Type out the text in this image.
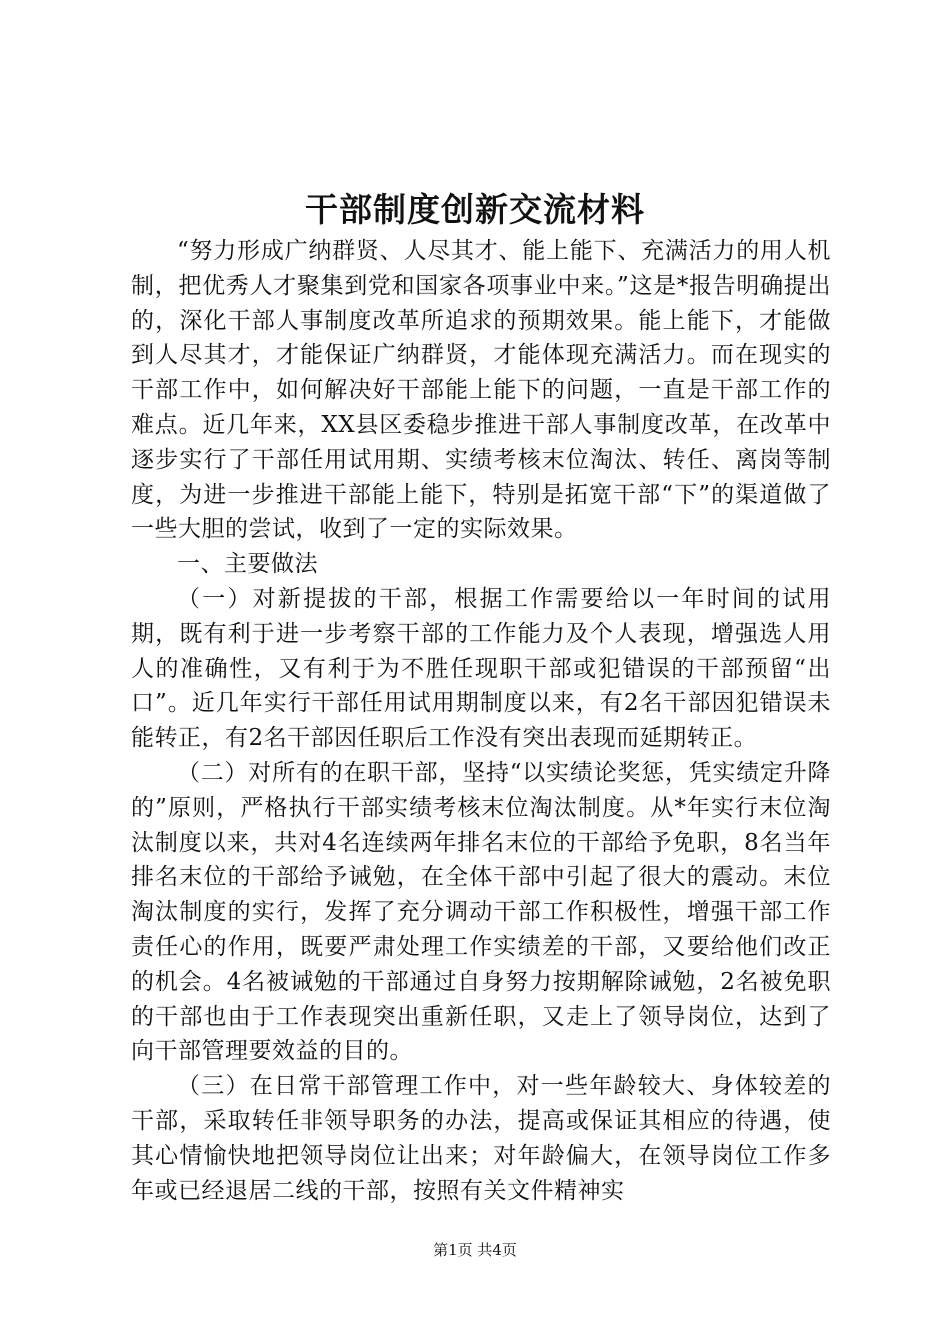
干部制度创新交流材料

“努力形成广纳群贤、人尽其才、能上能下、充满活力的用人机制，把优秀人才聚集到党和国家各项事业中来。”这是*报告明确提出的，深化干部人事制度改革所追求的预期效果。能上能下，才能做到人尽其才，才能保证广纳群贤，才能体现充满活力。而在现实的干部工作中，如何解决好干部能上能下的问题，一直是干部工作的难点。近几年来，XX县区委稳步推进干部人事制度改革，在改革中逐步实行了干部任用试用期、实绩考核末位淘汰、转任、离岗等制度，为进一步推进干部能上能下，特别是拓宽干部“下”的渠道做了一些大胆的尝试，收到了一定的实际效果。

一、主要做法

（一）对新提拔的干部，根据工作需要给以一年时间的试用期，既有利于进一步考察干部的工作能力及个人表现，增强选人用人的准确性，又有利于为不胜任现职干部或犯错误的干部预留“出口”。近几年实行干部任用试用期制度以来，有2名干部因犯错误未能转正，有2名干部因任职后工作没有突出表现而延期转正。

（二）对所有的在职干部，坚持“以实绩论奖惩，凭实绩定升降的”原则，严格执行干部实绩考核末位淘汰制度。从*年实行末位淘汰制度以来，共对4名连续两年排名末位的干部给予免职，8名当年排名末位的干部给予诫勉，在全体干部中引起了很大的震动。末位淘汰制度的实行，发挥了充分调动干部工作积极性，增强干部工作责任心的作用，既要严肃处理工作实绩差的干部，又要给他们改正的机会。4名被诫勉的干部通过自身努力按期解除诫勉，2名被免职的干部也由于工作表现突出重新任职，又走上了领导岗位，达到了向干部管理要效益的目的。

（三）在日常干部管理工作中，对一些年龄较大、身体较差的干部，采取转任非领导职务的办法，提高或保证其相应的待遇，使其心情愉快地把领导岗位让出来；对年龄偏大，在领导岗位工作多年或已经退居二线的干部，按照有关文件精神实

第1页 共4页
